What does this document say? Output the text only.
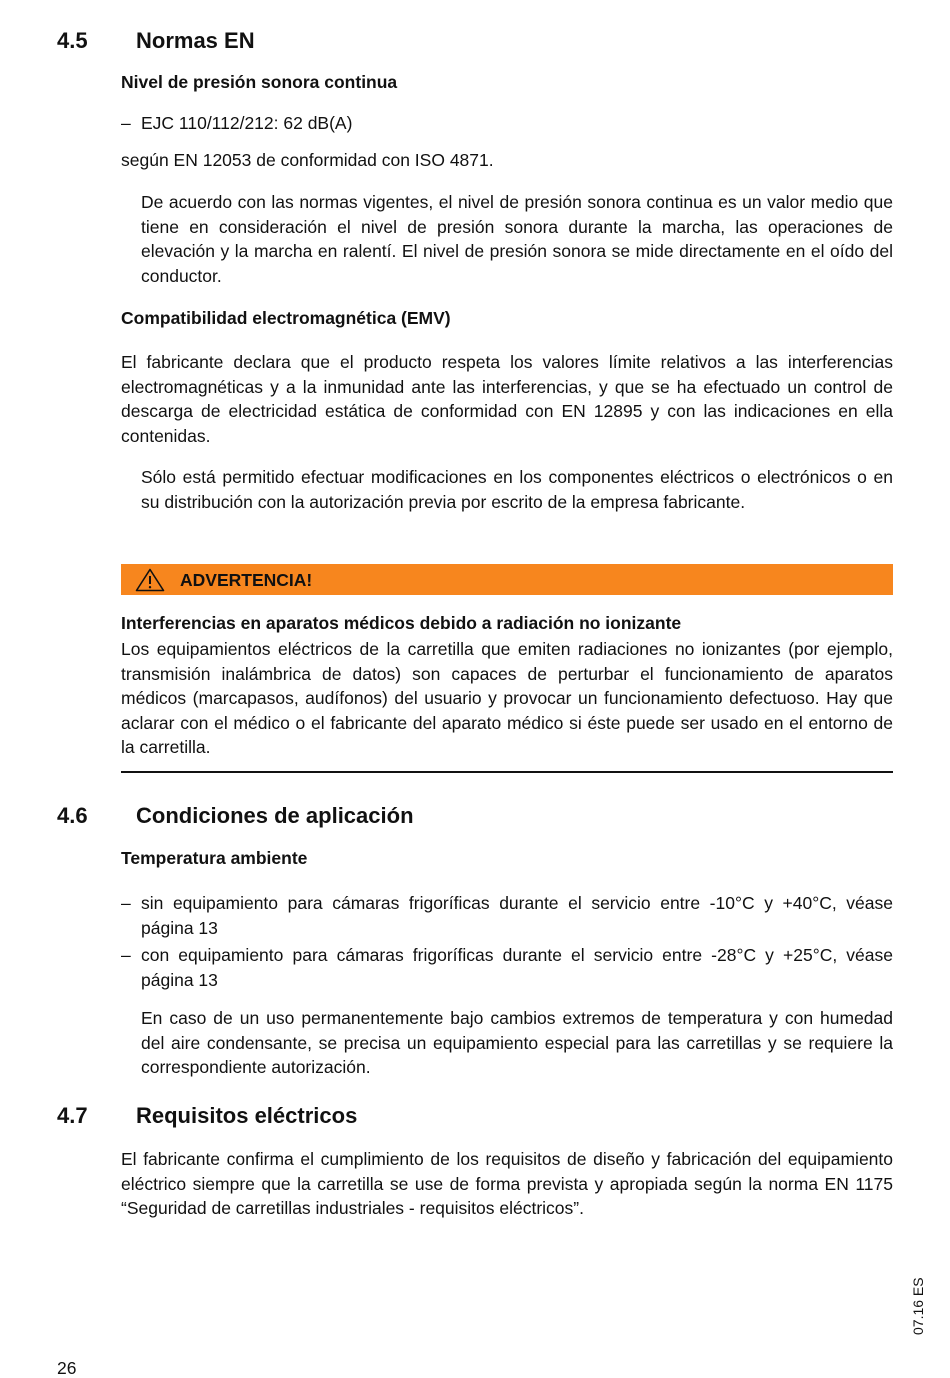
4.5 Normas EN
Nivel de presión sonora continua
– EJC 110/112/212: 62 dB(A)

según EN 12053 de conformidad con ISO 4871.

De acuerdo con las normas vigentes, el nivel de presión sonora continua es un valor medio que tiene en consideración el nivel de presión sonora durante la marcha, las operaciones de elevación y la marcha en ralentí. El nivel de presión sonora se mide directamente en el oído del conductor.

Compatibilidad electromagnética (EMV)

El fabricante declara que el producto respeta los valores límite relativos a las interferencias electromagnéticas y a la inmunidad ante las interferencias, y que se ha efectuado un control de descarga de electricidad estática de conformidad con EN 12895 y con las indicaciones en ella contenidas.

Sólo está permitido efectuar modificaciones en los componentes eléctricos o electrónicos o en su distribución con la autorización previa por escrito de la empresa fabricante.

ADVERTENCIA!
Interferencias en aparatos médicos debido a radiación no ionizante

Los equipamientos eléctricos de la carretilla que emiten radiaciones no ionizantes (por ejemplo, transmisión inalámbrica de datos) son capaces de perturbar el funcionamiento de aparatos médicos (marcapasos, audífonos) del usuario y provocar un funcionamiento defectuoso. Hay que aclarar con el médico o el fabricante del aparato médico si éste puede ser usado en el entorno de la carretilla.

4.6 Condiciones de aplicación
Temperatura ambiente
– sin equipamiento para cámaras frigoríficas durante el servicio entre -10°C y +40°C, véase página 13
– con equipamiento para cámaras frigoríficas durante el servicio entre -28°C y +25°C, véase página 13

En caso de un uso permanentemente bajo cambios extremos de temperatura y con humedad del aire condensante, se precisa un equipamiento especial para las carretillas y se requiere la correspondiente autorización.

4.7 Requisitos eléctricos

El fabricante confirma el cumplimiento de los requisitos de diseño y fabricación del equipamiento eléctrico siempre que la carretilla se use de forma prevista y apropiada según la norma EN 1175 “Seguridad de carretillas industriales - requisitos eléctricos”.

07.16 ES
26
